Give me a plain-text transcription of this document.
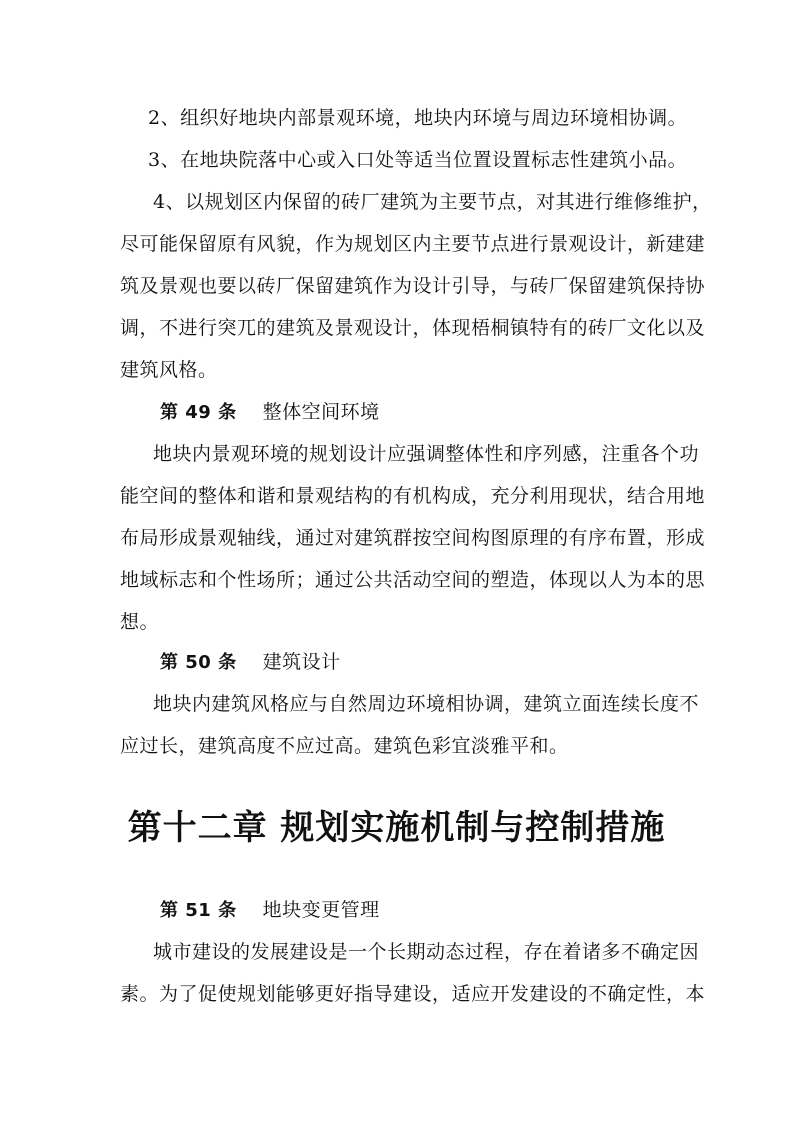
2、组织好地块内部景观环境，地块内环境与周边环境相协调。
3、在地块院落中心或入口处等适当位置设置标志性建筑小品。
4、以规划区内保留的砖厂建筑为主要节点，对其进行维修维护，
尽可能保留原有风貌，作为规划区内主要节点进行景观设计，新建建
筑及景观也要以砖厂保留建筑作为设计引导，与砖厂保留建筑保持协
调，不进行突兀的建筑及景观设计，体现梧桐镇特有的砖厂文化以及
建筑风格。
第 49 条 整体空间环境
地块内景观环境的规划设计应强调整体性和序列感，注重各个功
能空间的整体和谐和景观结构的有机构成，充分利用现状，结合用地
布局形成景观轴线，通过对建筑群按空间构图原理的有序布置，形成
地域标志和个性场所；通过公共活动空间的塑造，体现以人为本的思
想。
第 50 条 建筑设计
地块内建筑风格应与自然周边环境相协调，建筑立面连续长度不
应过长，建筑高度不应过高。建筑色彩宜淡雅平和。
第十二章 规划实施机制与控制措施
第 51 条 地块变更管理
城市建设的发展建设是一个长期动态过程，存在着诸多不确定因
素。为了促使规划能够更好指导建设，适应开发建设的不确定性，本
